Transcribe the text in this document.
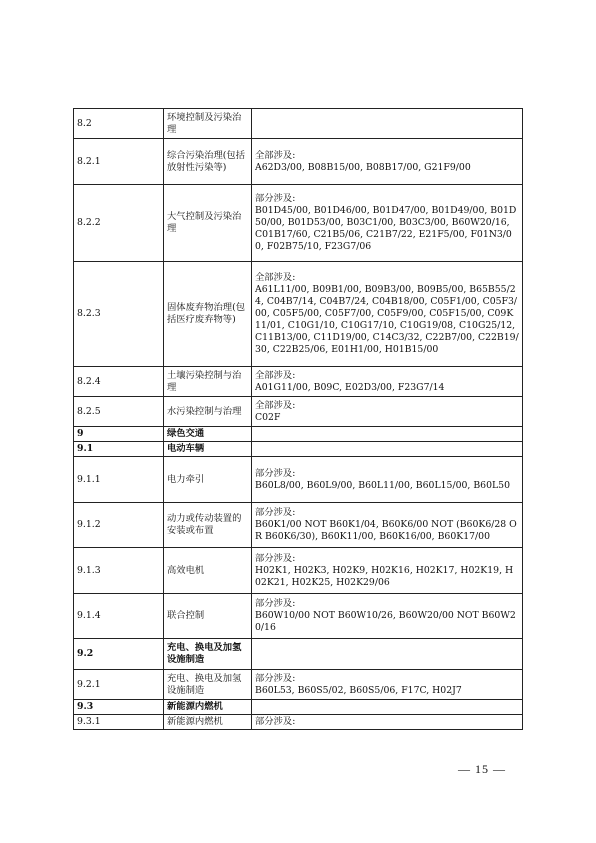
8.2	环境控制及污染治理	

8.2.1	综合污染治理(包括放射性污染等)	全部涉及:
A62D3/00, B08B15/00, B08B17/00, G21F9/00

8.2.2	大气控制及污染治理	部分涉及:
B01D45/00, B01D46/00, B01D47/00, B01D49/00, B01D50/00, B01D53/00, B03C1/00, B03C3/00, B60W20/16, C01B17/60, C21B5/06, C21B7/22, E21F5/00, F01N3/00, F02B75/10, F23G7/06

8.2.3	固体废弃物治理(包括医疗废弃物等)	全部涉及:
A61L11/00, B09B1/00, B09B3/00, B09B5/00, B65B55/24, C04B7/14, C04B7/24, C04B18/00, C05F1/00, C05F3/00, C05F5/00, C05F7/00, C05F9/00, C05F15/00, C09K11/01, C10G1/10, C10G17/10, C10G19/08, C10G25/12, C11B13/00, C11D19/00, C14C3/32, C22B7/00, C22B19/30, C22B25/06, E01H1/00, H01B15/00

8.2.4	土壤污染控制与治理	全部涉及:
A01G11/00, B09C, E02D3/00, F23G7/14

8.2.5	水污染控制与治理	全部涉及:
C02F

9	绿色交通	

9.1	电动车辆	

9.1.1	电力牵引	部分涉及:
B60L8/00, B60L9/00, B60L11/00, B60L15/00, B60L50

9.1.2	动力或传动装置的安装或布置	部分涉及:
B60K1/00 NOT B60K1/04, B60K6/00 NOT (B60K6/28 OR B60K6/30), B60K11/00, B60K16/00, B60K17/00

9.1.3	高效电机	部分涉及:
H02K1, H02K3, H02K9, H02K16, H02K17, H02K19, H02K21, H02K25, H02K29/06

9.1.4	联合控制	部分涉及:
B60W10/00 NOT B60W10/26, B60W20/00 NOT B60W20/16

9.2	充电、换电及加氢设施制造	

9.2.1	充电、换电及加氢设施制造	部分涉及:
B60L53, B60S5/02, B60S5/06, F17C, H02J7

9.3	新能源内燃机	

9.3.1	新能源内燃机	部分涉及:
— 15 —
